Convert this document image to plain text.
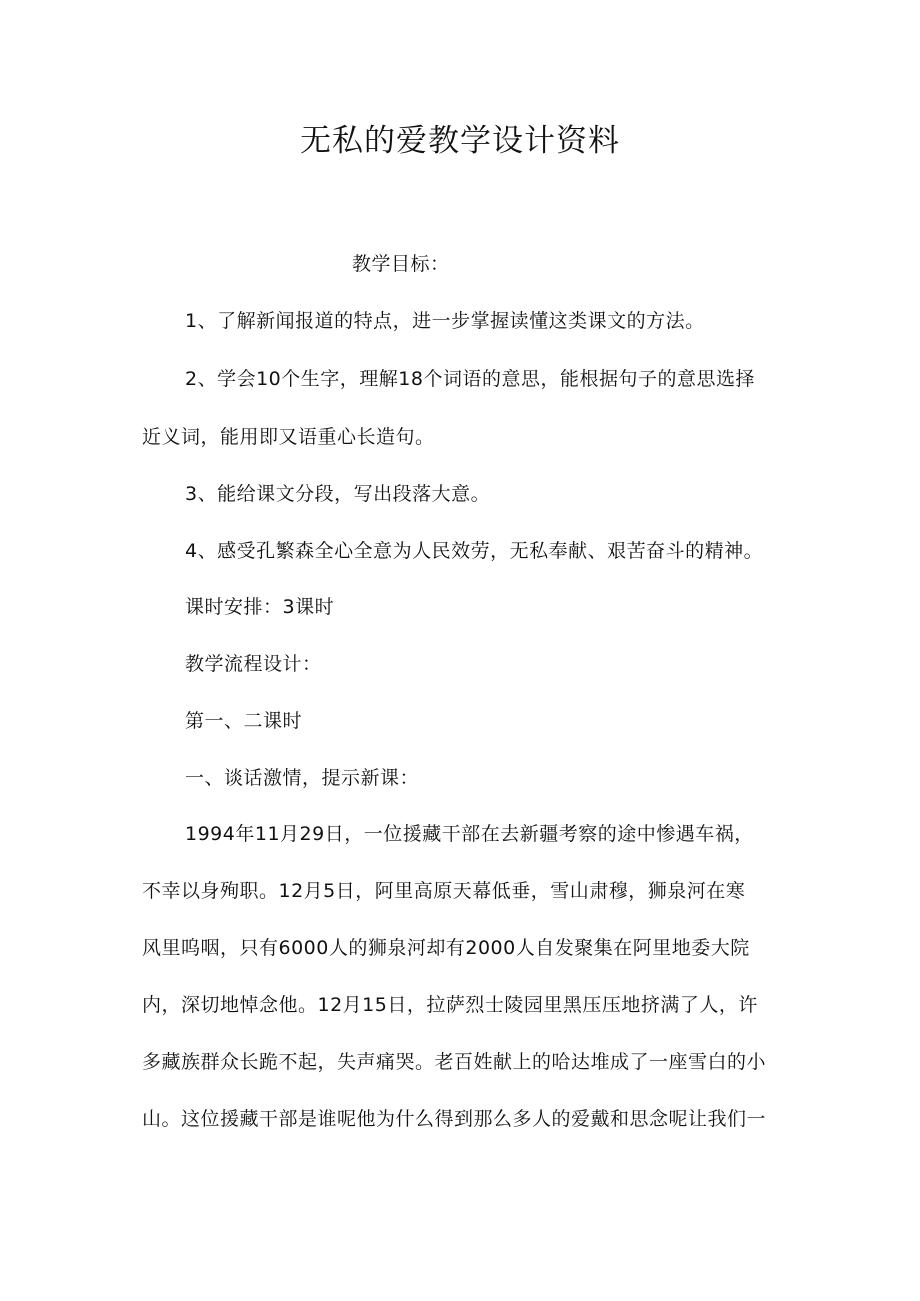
无私的爱教学设计资料
教学目标：
1、了解新闻报道的特点，进一步掌握读懂这类课文的方法。
2、学会10个生字，理解18个词语的意思，能根据句子的意思选择
近义词，能用即又语重心长造句。
3、能给课文分段，写出段落大意。
4、感受孔繁森全心全意为人民效劳，无私奉献、艰苦奋斗的精神。
课时安排：3课时
教学流程设计：
第一、二课时
一、谈话激情，提示新课：
1994年11月29日，一位援藏干部在去新疆考察的途中惨遇车祸，
不幸以身殉职。12月5日，阿里高原天幕低垂，雪山肃穆，狮泉河在寒
风里呜咽，只有6000人的狮泉河却有2000人自发聚集在阿里地委大院
内，深切地悼念他。12月15日，拉萨烈士陵园里黑压压地挤满了人，许
多藏族群众长跪不起，失声痛哭。老百姓献上的哈达堆成了一座雪白的小
山。这位援藏干部是谁呢他为什么得到那么多人的爱戴和思念呢让我们一
